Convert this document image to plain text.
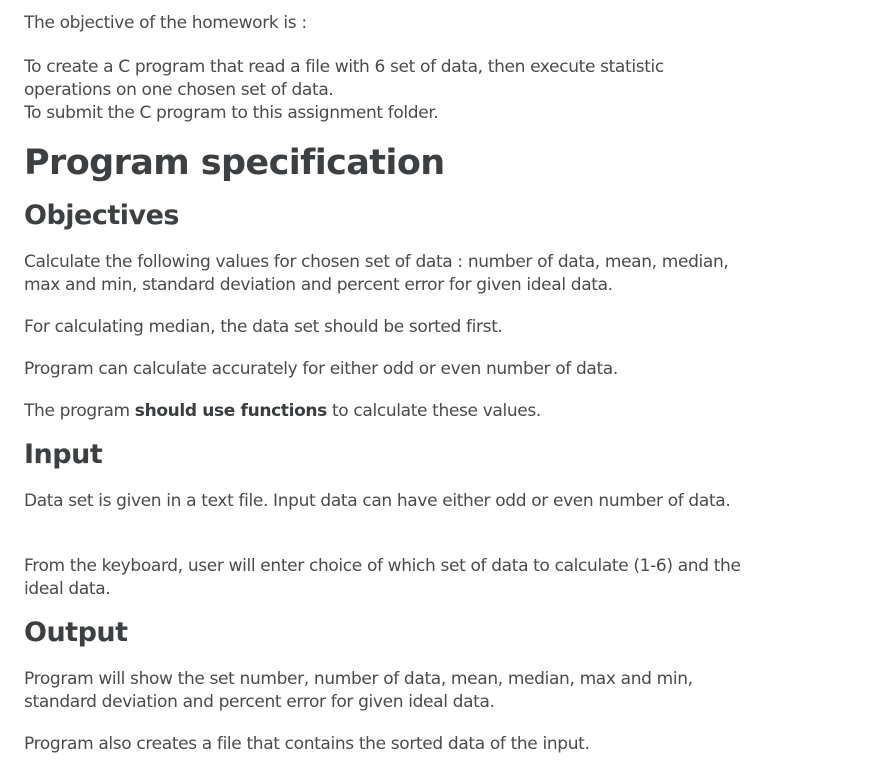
The objective of the homework is :

To create a C program that read a file with 6 set of data, then execute statistic operations on one chosen set of data.

To submit the C program to this assignment folder.

Program specification
Objectives

Calculate the following values for chosen set of data : number of data, mean, median, max and min, standard deviation and percent error for given ideal data.

For calculating median, the data set should be sorted first.

Program can calculate accurately for either odd or even number of data.

The program should use functions to calculate these values.

Input

Data set is given in a text file. Input data can have either odd or even number of data.

From the keyboard, user will enter choice of which set of data to calculate (1-6) and the ideal data.

Output

Program will show the set number, number of data, mean, median, max and min, standard deviation and percent error for given ideal data.

Program also creates a file that contains the sorted data of the input.
